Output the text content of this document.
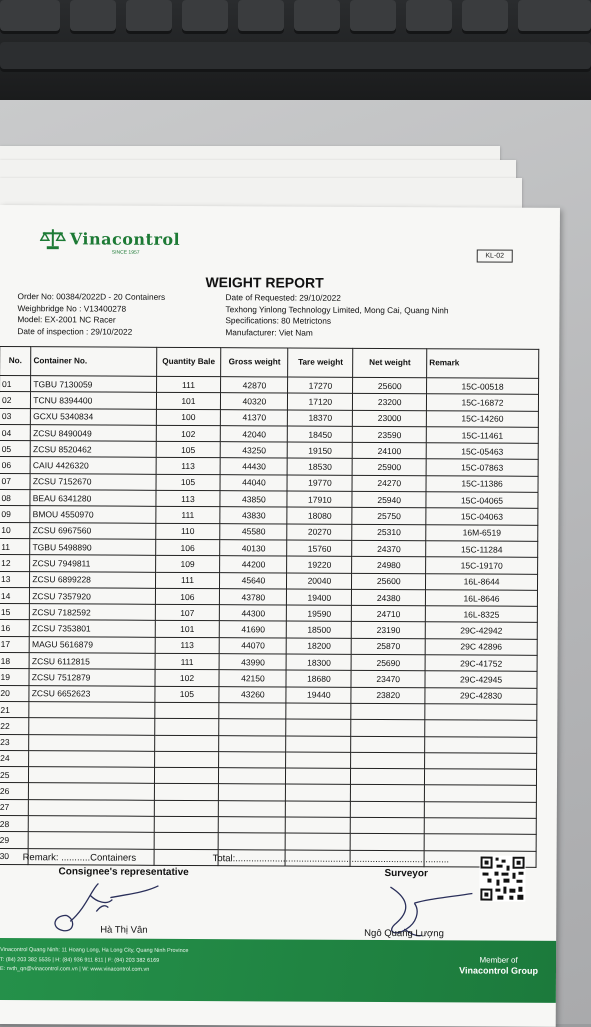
Vinacontrol
SINCE 1957	KL-02
WEIGHT REPORT
Order No: 00384/2022D - 20 Containers
Weighbridge No : V13400278
Model: EX-2001 NC Racer
Date of inspection : 29/10/2022
Date of Requested: 29/10/2022
Texhong Yinlong Technology Limited, Mong Cai, Quang Ninh
Specifications: 80 Metrictons
Manufacturer: Viet Nam
No.	Container No.	Quantity Bale	Gross weight	Tare weight	Net weight	Remark
01	TGBU 7130059	111	42870	17270	25600	15C-00518
02	TCNU 8394400	101	40320	17120	23200	15C-16872
03	GCXU 5340834	100	41370	18370	23000	15C-14260
04	ZCSU 8490049	102	42040	18450	23590	15C-11461
05	ZCSU 8520462	105	43250	19150	24100	15C-05463
06	CAIU 4426320	113	44430	18530	25900	15C-07863
07	ZCSU 7152670	105	44040	19770	24270	15C-11386
08	BEAU 6341280	113	43850	17910	25940	15C-04065
09	BMOU 4550970	111	43830	18080	25750	15C-04063
10	ZCSU 6967560	110	45580	20270	25310	16M-6519
11	TGBU 5498890	106	40130	15760	24370	15C-11284
12	ZCSU 7949811	109	44200	19220	24980	15C-19170
13	ZCSU 6899228	111	45640	20040	25600	16L-8644
14	ZCSU 7357920	106	43780	19400	24380	16L-8646
15	ZCSU 7182592	107	44300	19590	24710	16L-8325
16	ZCSU 7353801	101	41690	18500	23190	29C-42942
17	MAGU 5616879	113	44070	18200	25870	29C 42896
18	ZCSU 6112815	111	43990	18300	25690	29C-41752
19	ZCSU 7512879	102	42150	18680	23470	29C-42945
20	ZCSU 6652623	105	43260	19440	23820	29C-42830
21						
22						
23						
24						
25						
26						
27						
28						
29						
30						Remark: ...........Containers	Total:.................................................................................
Consignee's representative	Surveyor
Hà Thị Vân	Ngô Quang Lượng
Vinacontrol Quang Ninh: 11 Hoang Long, Ha Long City, Quang Ninh Province
T: (84) 203 382 5535 | H: (84) 936 911 811 | F: (84) 203 382 6169
E: nvth_qn@vinacontrol.com.vn | W: www.vinacontrol.com.vn
Member of
Vinacontrol Group
